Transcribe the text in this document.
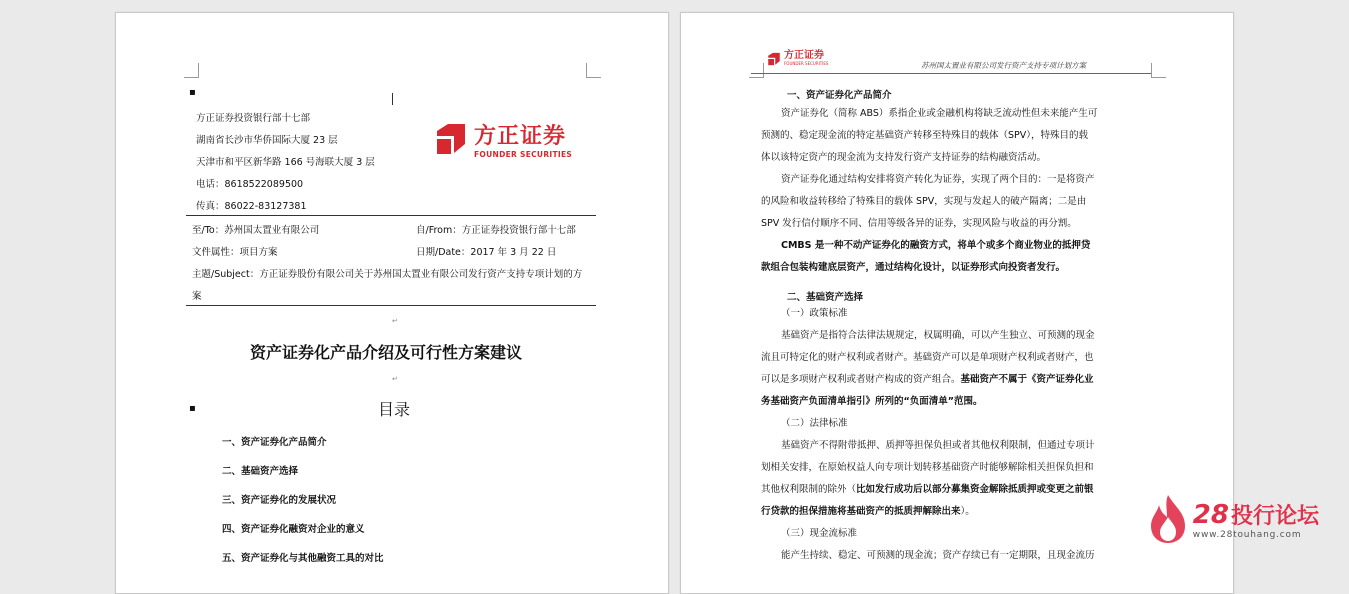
▪
方正证券投资银行部十七部
湖南省长沙市华侨国际大厦 23 层
天津市和平区新华路 166 号海联大厦 3 层
电话：8618522089500
传真：86022-83127381
方正证券
FOUNDER SECURITIES
至/To：苏州国太置业有限公司	自/From：方正证券投资银行部十七部
文件属性：项目方案	日期/Date：2017 年 3 月 22 日
主题/Subject：方正证券股份有限公司关于苏州国太置业有限公司发行资产支持专项计划的方
案
↵
资产证券化产品介绍及可行性方案建议
↵
▪	目录
一、资产证券化产品简介
二、基础资产选择
三、资产证券化的发展状况
四、资产证券化融资对企业的意义
五、资产证券化与其他融资工具的对比
方正证券
FOUNDER SECURITIES	苏州国太置业有限公司发行资产支持专项计划方案
一、资产证券化产品简介
资产证券化（简称 ABS）系指企业或金融机构将缺乏流动性但未来能产生可
预测的、稳定现金流的特定基础资产转移至特殊目的载体（SPV），特殊目的载
体以该特定资产的现金流为支持发行资产支持证券的结构融资活动。
资产证券化通过结构安排将资产转化为证券，实现了两个目的：一是将资产
的风险和收益转移给了特殊目的载体 SPV，实现与发起人的破产隔离；二是由
SPV 发行信付顺序不同、信用等级各异的证券，实现风险与收益的再分割。
CMBS 是一种不动产证券化的融资方式，将单个或多个商业物业的抵押贷
款组合包装构建底层资产，通过结构化设计，以证券形式向投资者发行。
二、基础资产选择
（一）政策标准
基础资产是指符合法律法规规定，权属明确，可以产生独立、可预测的现金
流且可特定化的财产权利或者财产。基础资产可以是单项财产权利或者财产，也
可以是多项财产权利或者财产构成的资产组合。基础资产不属于《资产证券化业
务基础资产负面清单指引》所列的“负面清单”范围。
（二）法律标准
基础资产不得附带抵押、质押等担保负担或者其他权利限制，但通过专项计
划相关安排，在原始权益人向专项计划转移基础资产时能够解除相关担保负担和
其他权利限制的除外（比如发行成功后以部分募集资金解除抵质押或变更之前银
行贷款的担保措施将基础资产的抵质押解除出来）。
（三）现金流标准
能产生持续、稳定、可预测的现金流；资产存续已有一定期限，且现金流历
28 投行论坛
www.28touhang.com
